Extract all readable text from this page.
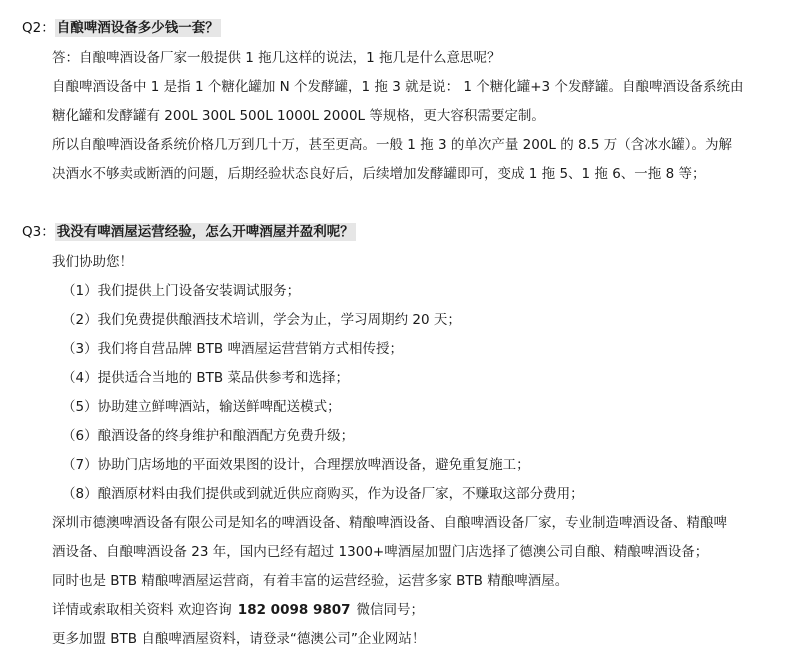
Q2： 自酿啤酒设备多少钱一套？
答：自酿啤酒设备厂家一般提供 1 拖几这样的说法，1 拖几是什么意思呢？
自酿啤酒设备中 1 是指 1 个糖化罐加 N 个发酵罐，1 拖 3 就是说： 1 个糖化罐+3 个发酵罐。自酿啤酒设备系统由
糖化罐和发酵罐有 200L 300L 500L 1000L 2000L 等规格，更大容积需要定制。
所以自酿啤酒设备系统价格几万到几十万，甚至更高。一般 1 拖 3 的单次产量 200L 的 8.5 万（含冰水罐）。为解
决酒水不够卖或断酒的问题，后期经验状态良好后，后续增加发酵罐即可，变成 1 拖 5、1 拖 6、一拖 8 等；
Q3： 我没有啤酒屋运营经验，怎么开啤酒屋并盈利呢？
我们协助您！
（1）我们提供上门设备安装调试服务；
（2）我们免费提供酿酒技术培训，学会为止，学习周期约 20 天；
（3）我们将自营品牌 BTB 啤酒屋运营营销方式相传授；
（4）提供适合当地的 BTB 菜品供参考和选择；
（5）协助建立鲜啤酒站，输送鲜啤配送模式；
（6）酿酒设备的终身维护和酿酒配方免费升级；
（7）协助门店场地的平面效果图的设计，合理摆放啤酒设备，避免重复施工；
（8）酿酒原材料由我们提供或到就近供应商购买，作为设备厂家，不赚取这部分费用；
深圳市德澳啤酒设备有限公司是知名的啤酒设备、精酿啤酒设备、自酿啤酒设备厂家，专业制造啤酒设备、精酿啤
酒设备、自酿啤酒设备 23 年，国内已经有超过 1300+啤酒屋加盟门店选择了德澳公司自酿、精酿啤酒设备；
同时也是 BTB 精酿啤酒屋运营商，有着丰富的运营经验，运营多家 BTB 精酿啤酒屋。
详情或索取相关资料 欢迎咨询 182 0098 9807 微信同号；
更多加盟 BTB 自酿啤酒屋资料，请登录“德澳公司”企业网站！
